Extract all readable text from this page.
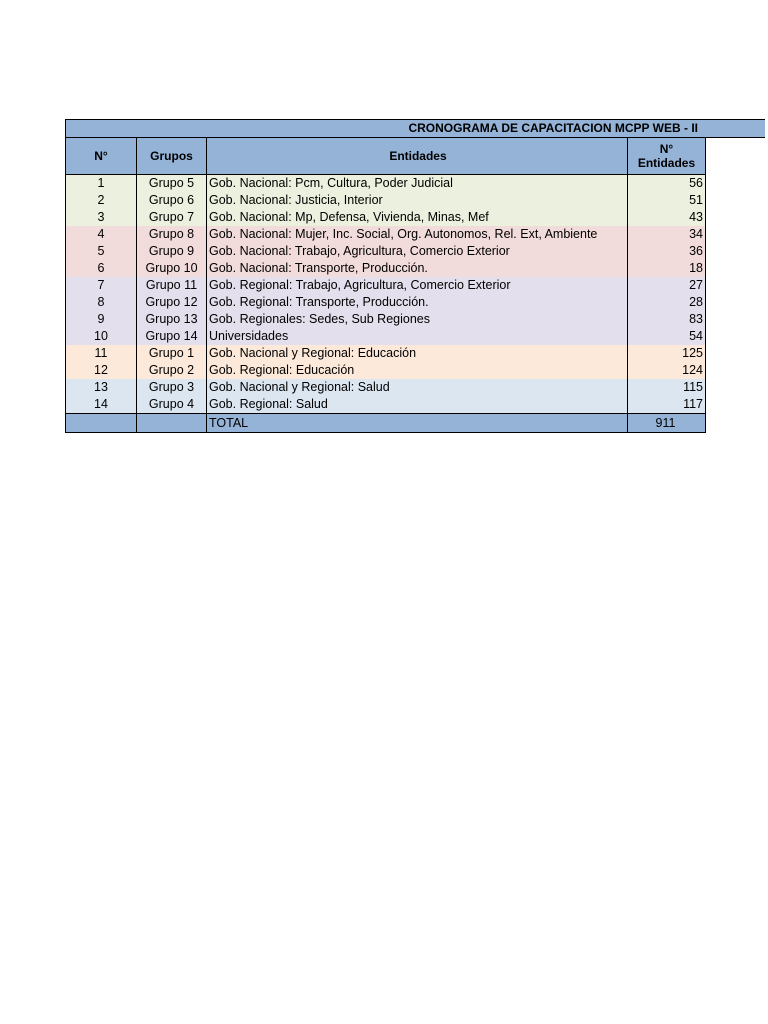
CRONOGRAMA DE CAPACITACION MCPP WEB - II
N°	Grupos	Entidades	N° Entidades
1	Grupo 5	Gob. Nacional: Pcm, Cultura, Poder Judicial	56
2	Grupo 6	Gob. Nacional: Justicia, Interior	51
3	Grupo 7	Gob. Nacional: Mp, Defensa, Vivienda, Minas, Mef	43
4	Grupo 8	Gob. Nacional: Mujer, Inc. Social, Org. Autonomos, Rel. Ext, Ambiente	34
5	Grupo 9	Gob. Nacional: Trabajo, Agricultura, Comercio Exterior	36
6	Grupo 10	Gob. Nacional: Transporte, Producción.	18
7	Grupo 11	Gob. Regional: Trabajo, Agricultura, Comercio Exterior	27
8	Grupo 12	Gob. Regional: Transporte, Producción.	28
9	Grupo 13	Gob. Regionales: Sedes, Sub Regiones	83
10	Grupo 14	Universidades	54
11	Grupo 1	Gob. Nacional y Regional: Educación	125
12	Grupo 2	Gob. Regional: Educación	124
13	Grupo 3	Gob. Nacional y Regional: Salud	115
14	Grupo 4	Gob. Regional: Salud	117
		TOTAL	911
